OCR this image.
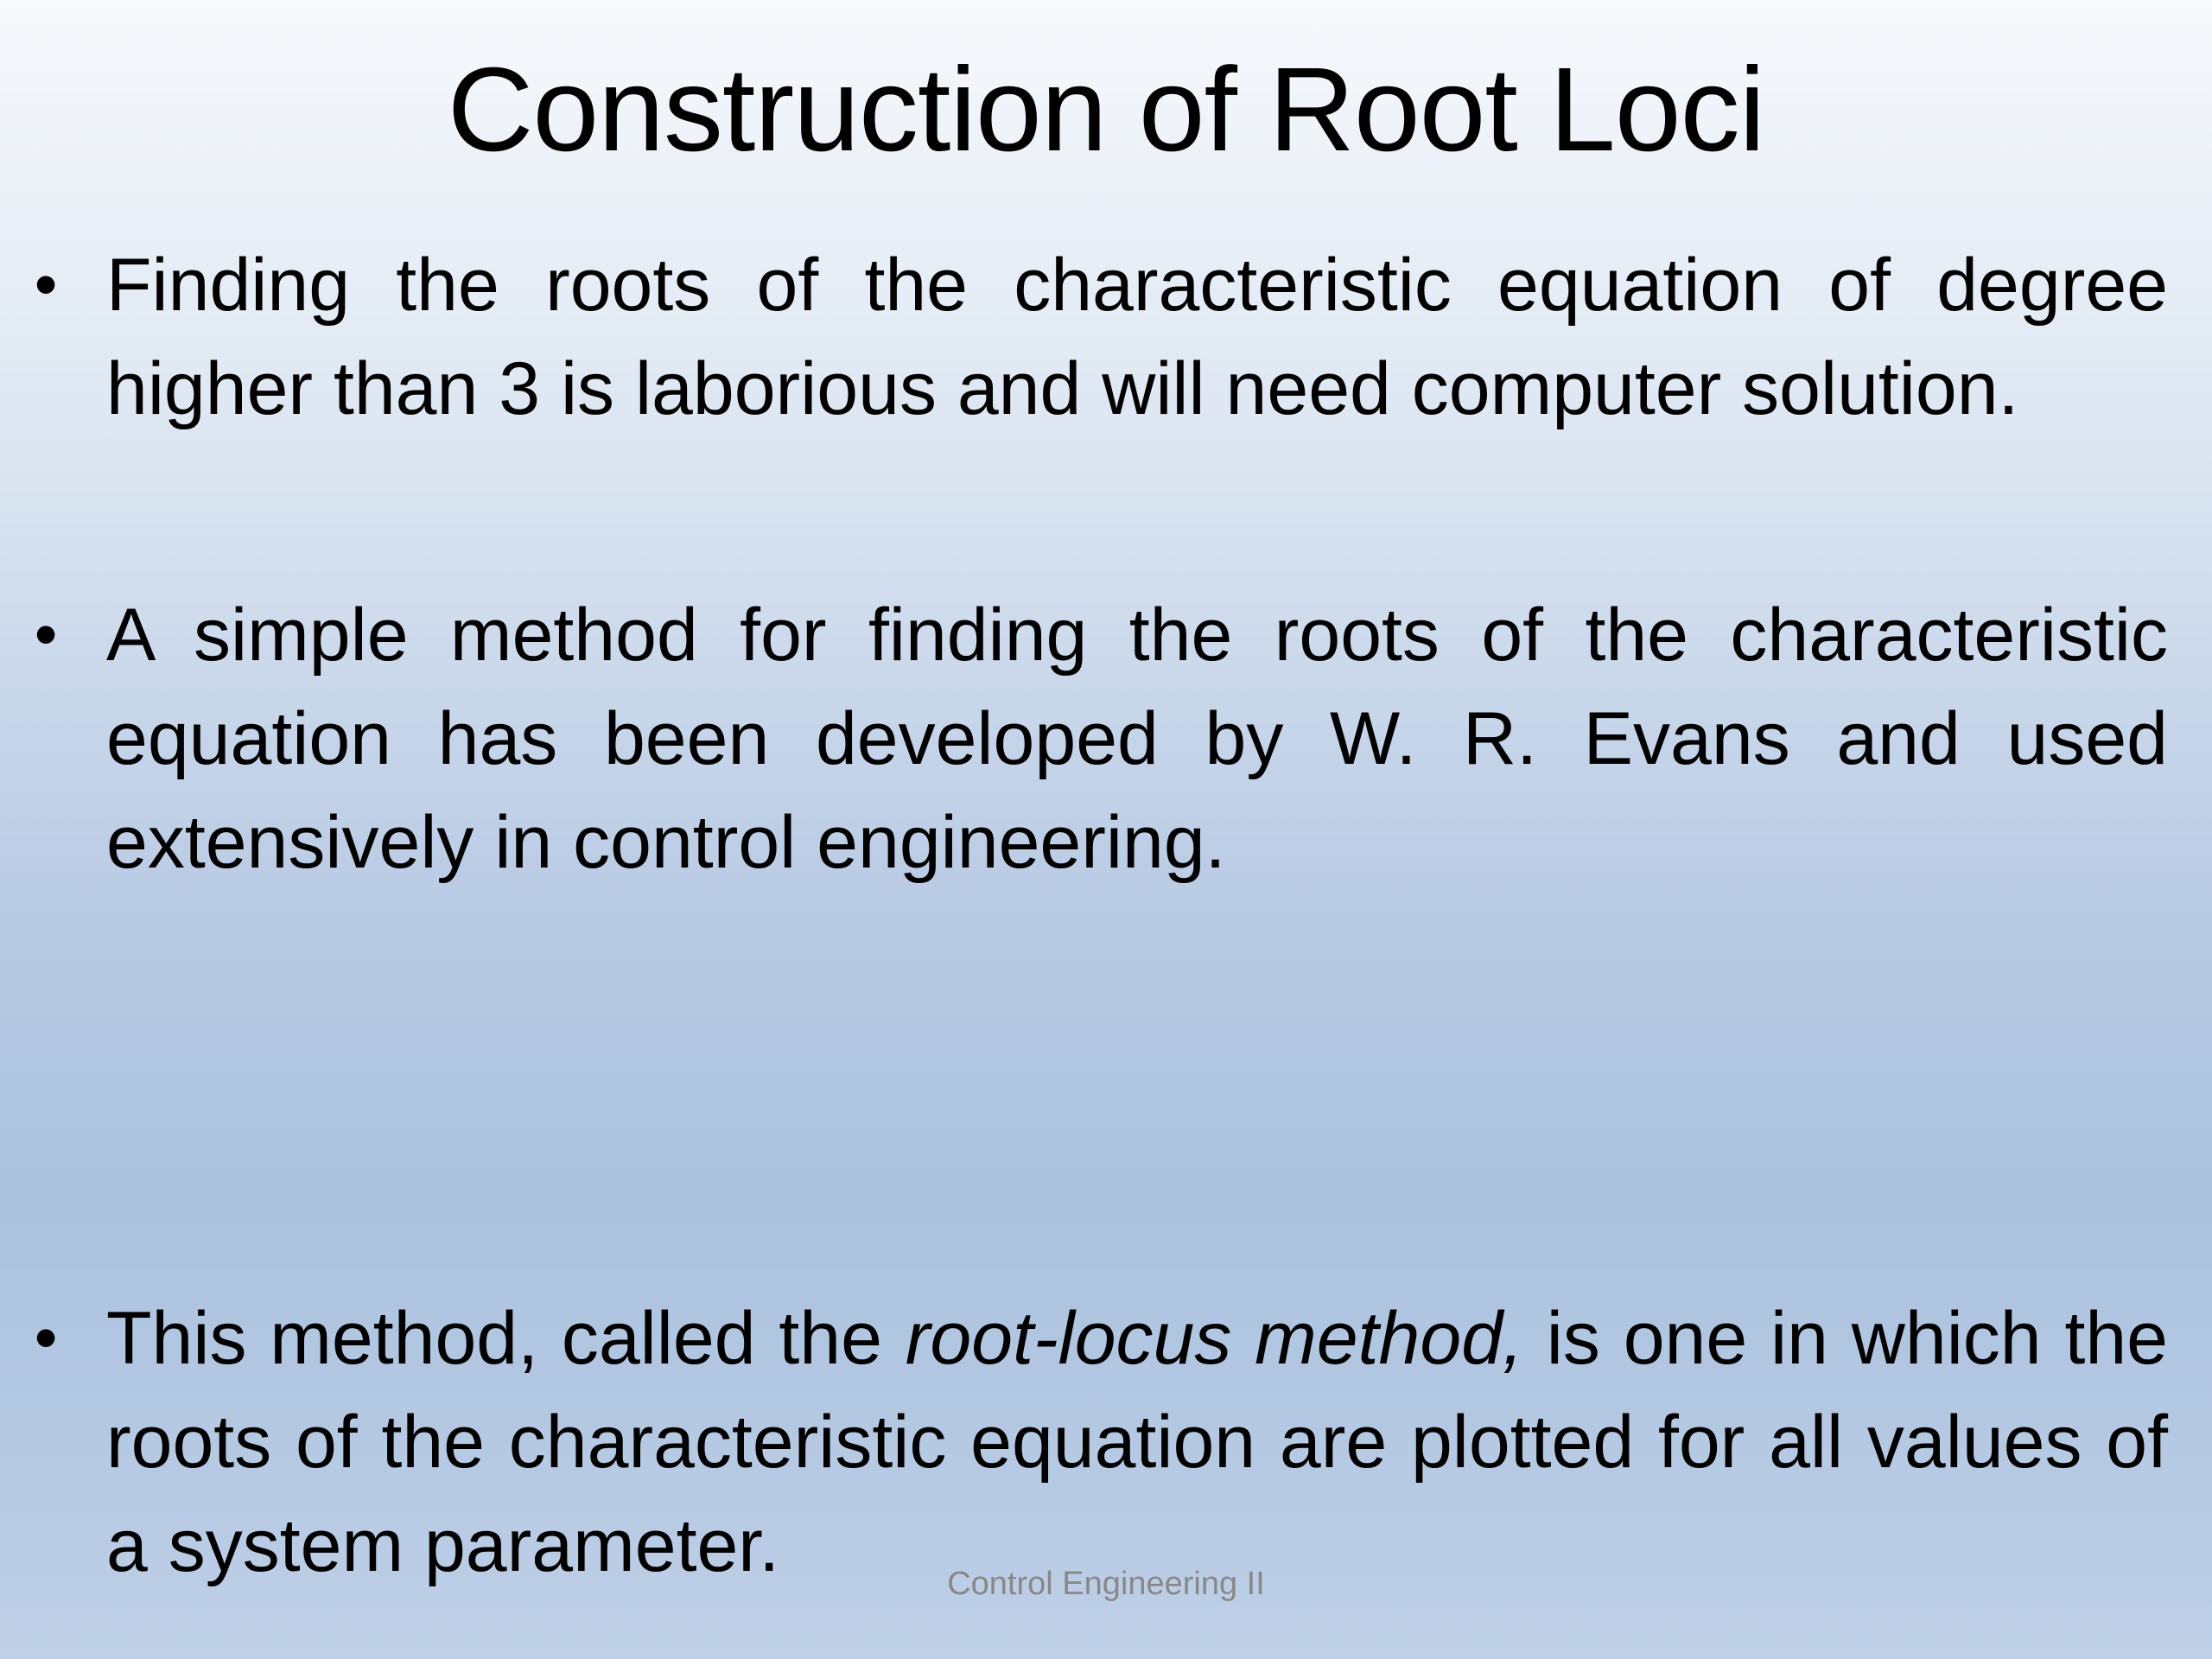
Construction of Root Loci
• Finding the roots of the characteristic equation of degree higher than 3 is laborious and will need computer solution.
• A simple method for finding the roots of the characteristic equation has been developed by W. R. Evans and used extensively in control engineering.
• This method, called the root-locus method, is one in which the roots of the characteristic equation are plotted for all values of a system parameter.	Control Engineering II
